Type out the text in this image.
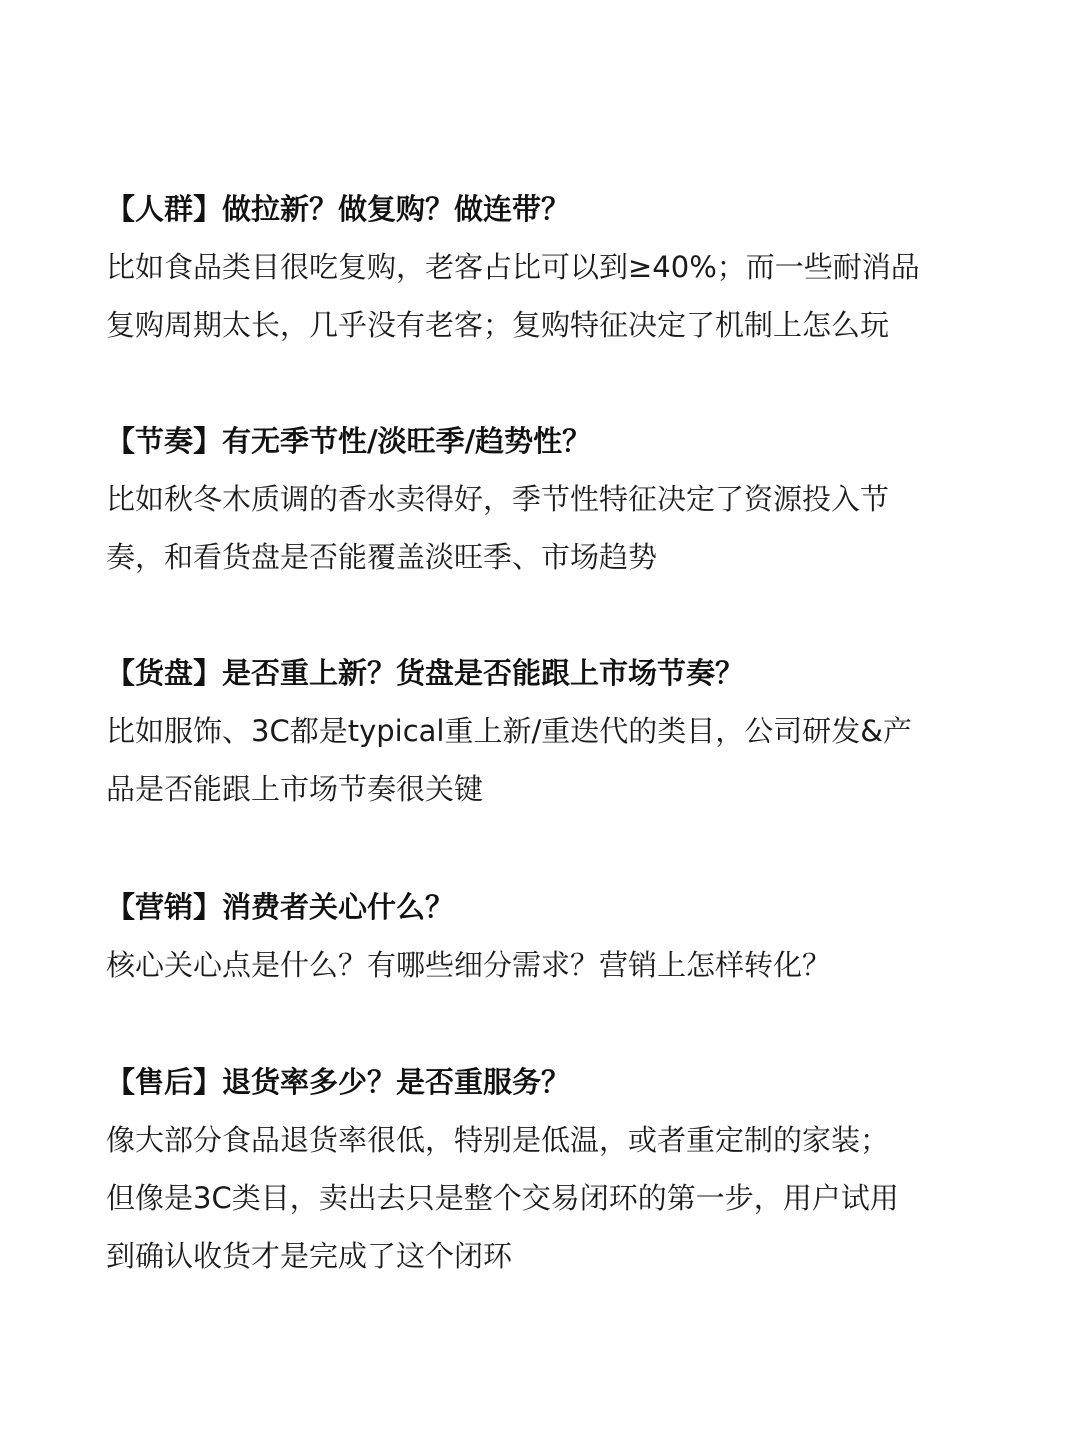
【人群】做拉新？做复购？做连带？
比如食品类目很吃复购，老客占比可以到≥40%；而一些耐消品
复购周期太长，几乎没有老客；复购特征决定了机制上怎么玩
【节奏】有无季节性/淡旺季/趋势性？
比如秋冬木质调的香水卖得好，季节性特征决定了资源投入节
奏，和看货盘是否能覆盖淡旺季、市场趋势
【货盘】是否重上新？货盘是否能跟上市场节奏？
比如服饰、3C都是typical重上新/重迭代的类目，公司研发&产
品是否能跟上市场节奏很关键
【营销】消费者关心什么？
核心关心点是什么？有哪些细分需求？营销上怎样转化？
【售后】退货率多少？是否重服务？
像大部分食品退货率很低，特别是低温，或者重定制的家装；
但像是3C类目，卖出去只是整个交易闭环的第一步，用户试用
到确认收货才是完成了这个闭环
